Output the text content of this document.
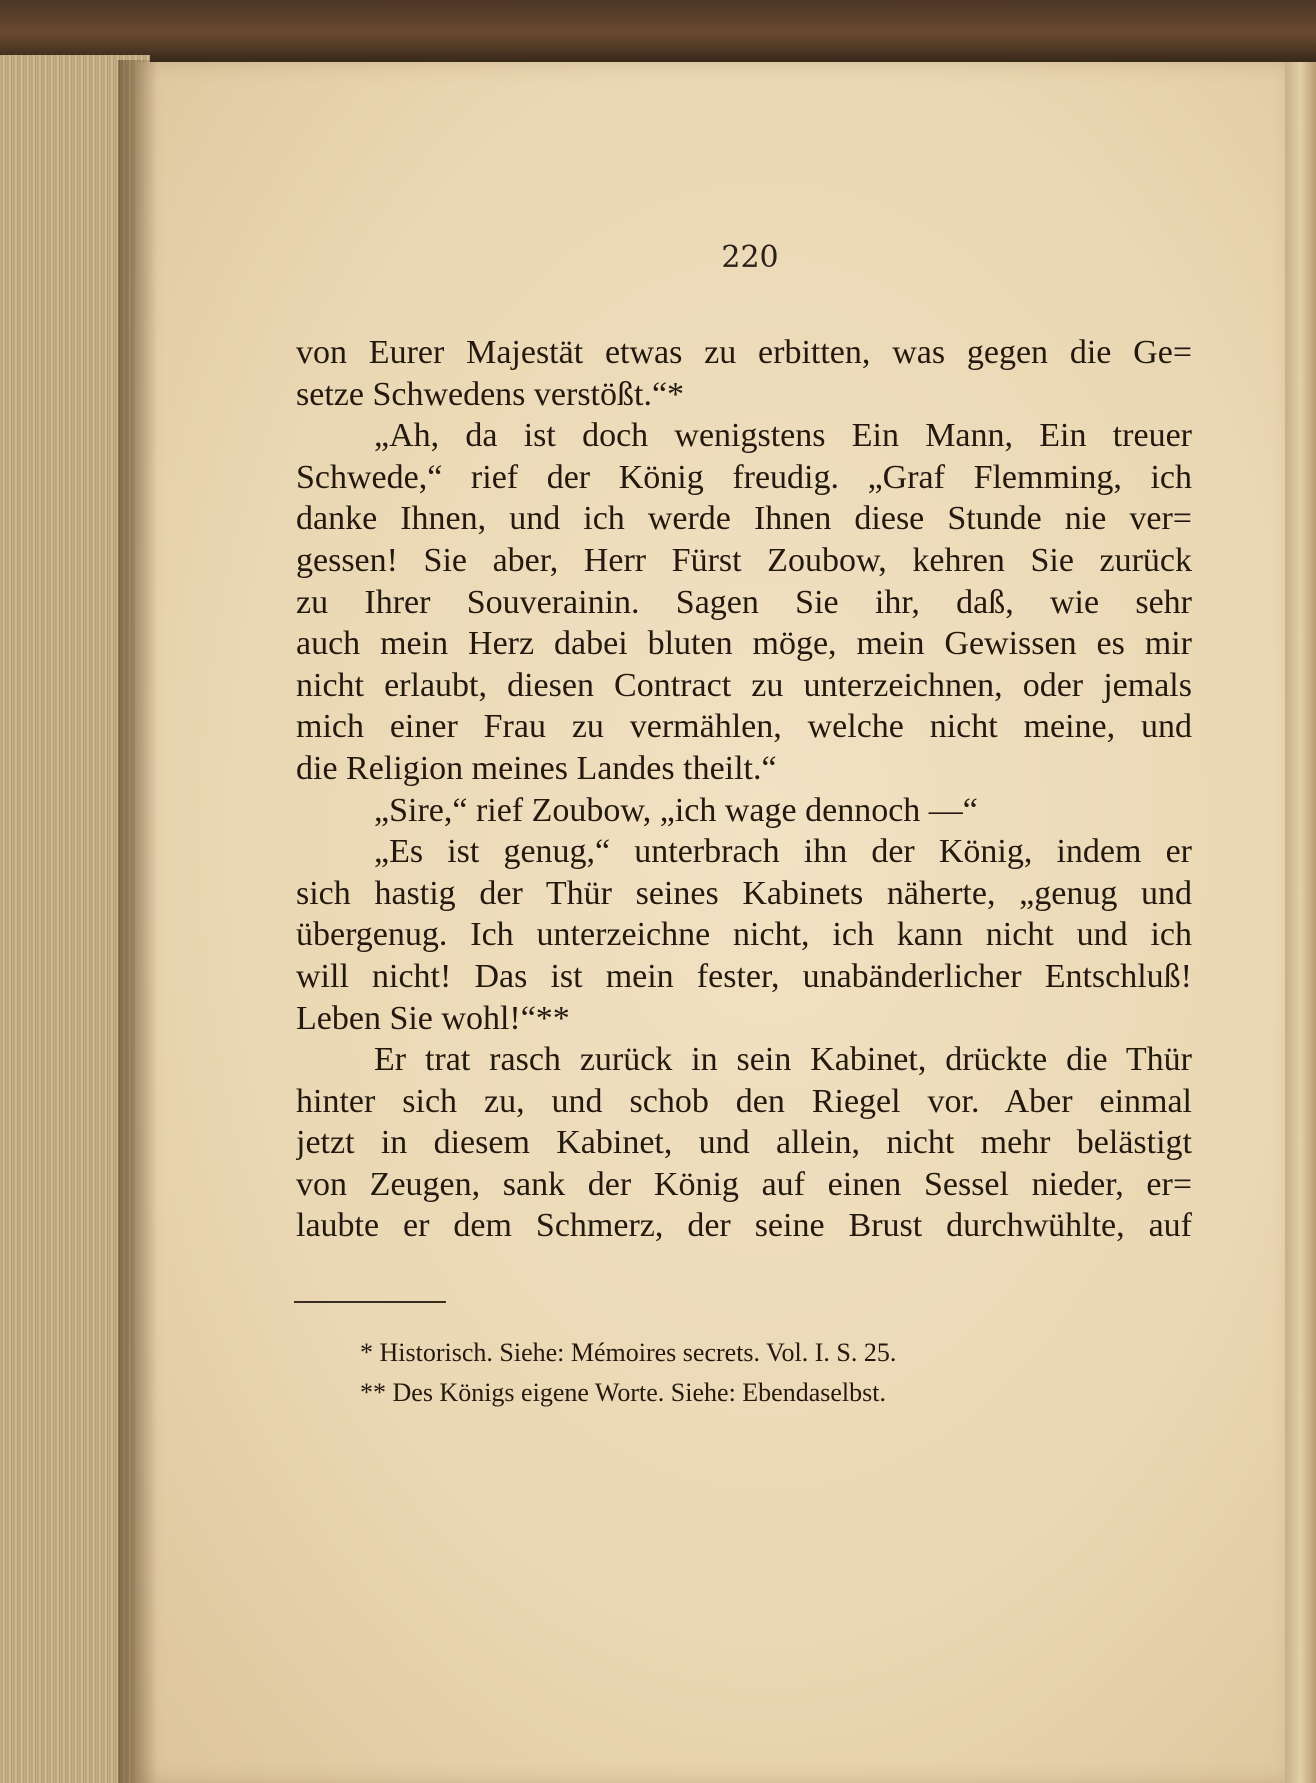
220
von Eurer Majestät etwas zu erbitten, was gegen die Ge=
setze Schwedens verstößt.“*
„Ah, da ist doch wenigstens Ein Mann, Ein treuer
Schwede,“ rief der König freudig. „Graf Flemming, ich
danke Ihnen, und ich werde Ihnen diese Stunde nie ver=
gessen! Sie aber, Herr Fürst Zoubow, kehren Sie zurück
zu Ihrer Souverainin. Sagen Sie ihr, daß, wie sehr
auch mein Herz dabei bluten möge, mein Gewissen es mir
nicht erlaubt, diesen Contract zu unterzeichnen, oder jemals
mich einer Frau zu vermählen, welche nicht meine, und
die Religion meines Landes theilt.“
„Sire,“ rief Zoubow, „ich wage dennoch —“
„Es ist genug,“ unterbrach ihn der König, indem er
sich hastig der Thür seines Kabinets näherte, „genug und
übergenug. Ich unterzeichne nicht, ich kann nicht und ich
will nicht! Das ist mein fester, unabänderlicher Entschluß!
Leben Sie wohl!“**
Er trat rasch zurück in sein Kabinet, drückte die Thür
hinter sich zu, und schob den Riegel vor. Aber einmal
jetzt in diesem Kabinet, und allein, nicht mehr belästigt
von Zeugen, sank der König auf einen Sessel nieder, er=
laubte er dem Schmerz, der seine Brust durchwühlte, auf
* Historisch. Siehe: Mémoires secrets. Vol. I. S. 25.
** Des Königs eigene Worte. Siehe: Ebendaselbst.
